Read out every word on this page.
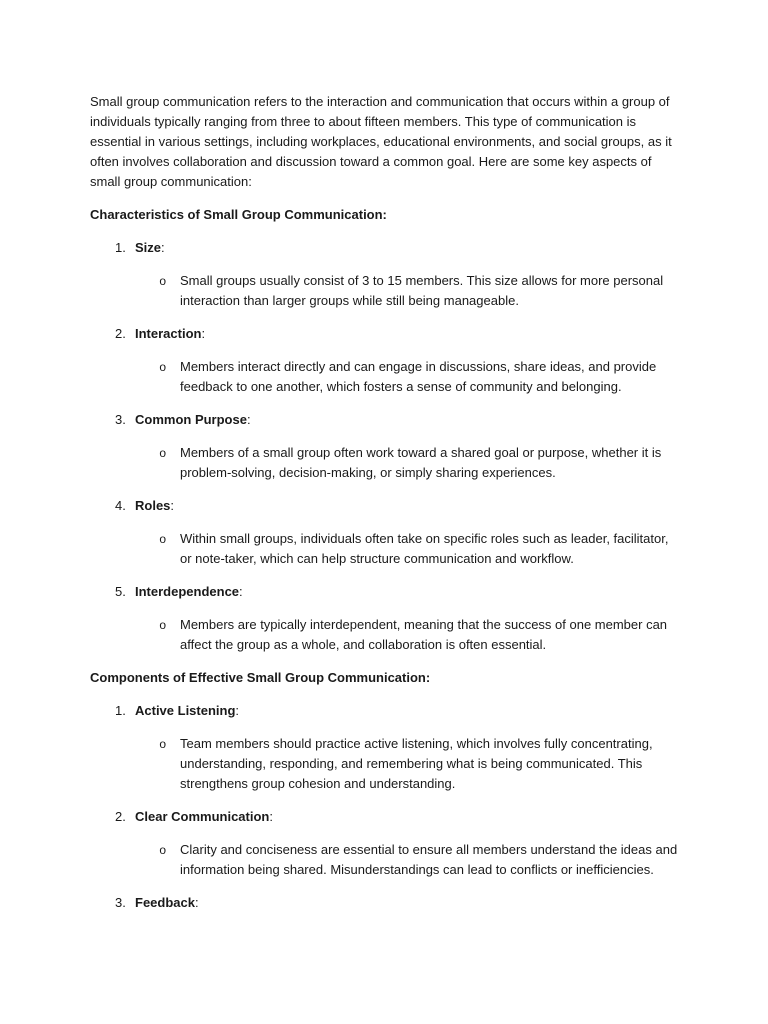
Small group communication refers to the interaction and communication that occurs within a group of individuals typically ranging from three to about fifteen members. This type of communication is essential in various settings, including workplaces, educational environments, and social groups, as it often involves collaboration and discussion toward a common goal. Here are some key aspects of small group communication:

Characteristics of Small Group Communication:

1. Size:
o	Small groups usually consist of 3 to 15 members. This size allows for more personal interaction than larger groups while still being manageable.
2. Interaction:
o	Members interact directly and can engage in discussions, share ideas, and provide feedback to one another, which fosters a sense of community and belonging.
3. Common Purpose:
o	Members of a small group often work toward a shared goal or purpose, whether it is problem-solving, decision-making, or simply sharing experiences.
4. Roles:
o	Within small groups, individuals often take on specific roles such as leader, facilitator, or note-taker, which can help structure communication and workflow.
5. Interdependence:
o	Members are typically interdependent, meaning that the success of one member can affect the group as a whole, and collaboration is often essential.

Components of Effective Small Group Communication:

1. Active Listening:
o	Team members should practice active listening, which involves fully concentrating, understanding, responding, and remembering what is being communicated. This strengthens group cohesion and understanding.
2. Clear Communication:
o	Clarity and conciseness are essential to ensure all members understand the ideas and information being shared. Misunderstandings can lead to conflicts or inefficiencies.
3. Feedback:
